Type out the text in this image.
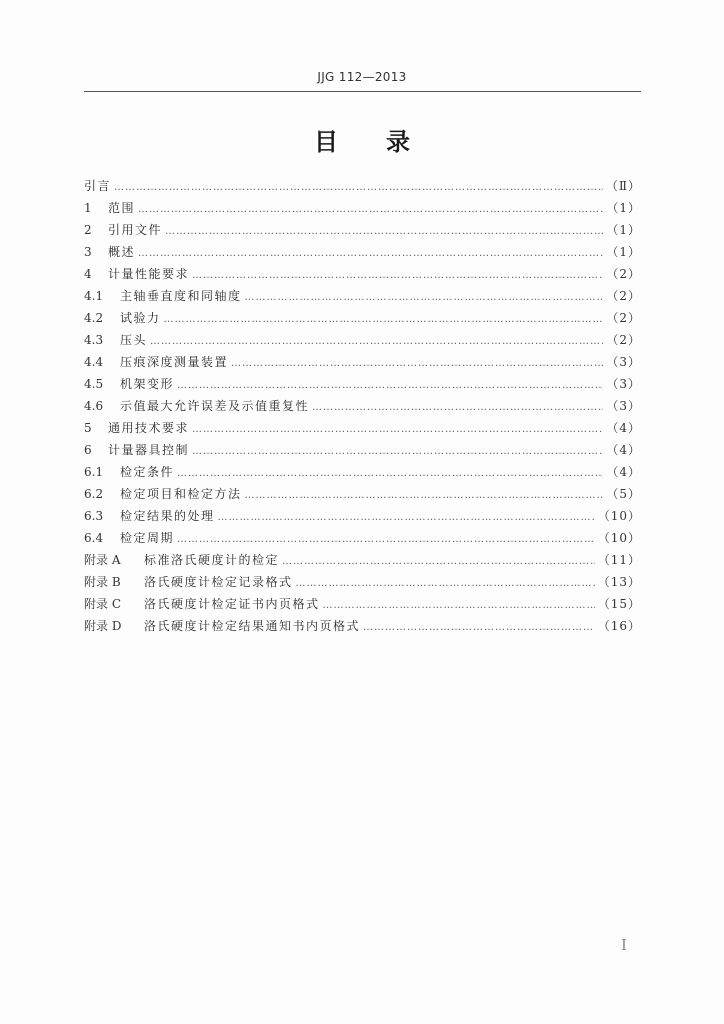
JJG 112—2013
目 录
引言 …………………………………………………………………………………………………………………………………………………………………………………………………	（Ⅱ）
1	范围 …………………………………………………………………………………………………………………………………………………………………………………………………	（1）
2	引用文件 …………………………………………………………………………………………………………………………………………………………………………………………………	（1）
3	概述 …………………………………………………………………………………………………………………………………………………………………………………………………	（1）
4	计量性能要求 …………………………………………………………………………………………………………………………………………………………………………………………………	（2）
4.1	主轴垂直度和同轴度 …………………………………………………………………………………………………………………………………………………………………………………………………	（2）
4.2	试验力 …………………………………………………………………………………………………………………………………………………………………………………………………	（2）
4.3	压头 …………………………………………………………………………………………………………………………………………………………………………………………………	（2）
4.4	压痕深度测量装置 …………………………………………………………………………………………………………………………………………………………………………………………………	（3）
4.5	机架变形 …………………………………………………………………………………………………………………………………………………………………………………………………	（3）
4.6	示值最大允许误差及示值重复性 …………………………………………………………………………………………………………………………………………………………………………………………………	（3）
5	通用技术要求 …………………………………………………………………………………………………………………………………………………………………………………………………	（4）
6	计量器具控制 …………………………………………………………………………………………………………………………………………………………………………………………………	（4）
6.1	检定条件 …………………………………………………………………………………………………………………………………………………………………………………………………	（4）
6.2	检定项目和检定方法 …………………………………………………………………………………………………………………………………………………………………………………………………	（5）
6.3	检定结果的处理 …………………………………………………………………………………………………………………………………………………………………………………………………	（10）
6.4	检定周期 …………………………………………………………………………………………………………………………………………………………………………………………………	（10）
附录 A	标准洛氏硬度计的检定 …………………………………………………………………………………………………………………………………………………………………………………………………	（11）
附录 B	洛氏硬度计检定记录格式 …………………………………………………………………………………………………………………………………………………………………………………………………	（13）
附录 C	洛氏硬度计检定证书内页格式 …………………………………………………………………………………………………………………………………………………………………………………………………	（15）
附录 D	洛氏硬度计检定结果通知书内页格式 …………………………………………………………………………………………………………………………………………………………………………………………………	（16）
Ⅰ
